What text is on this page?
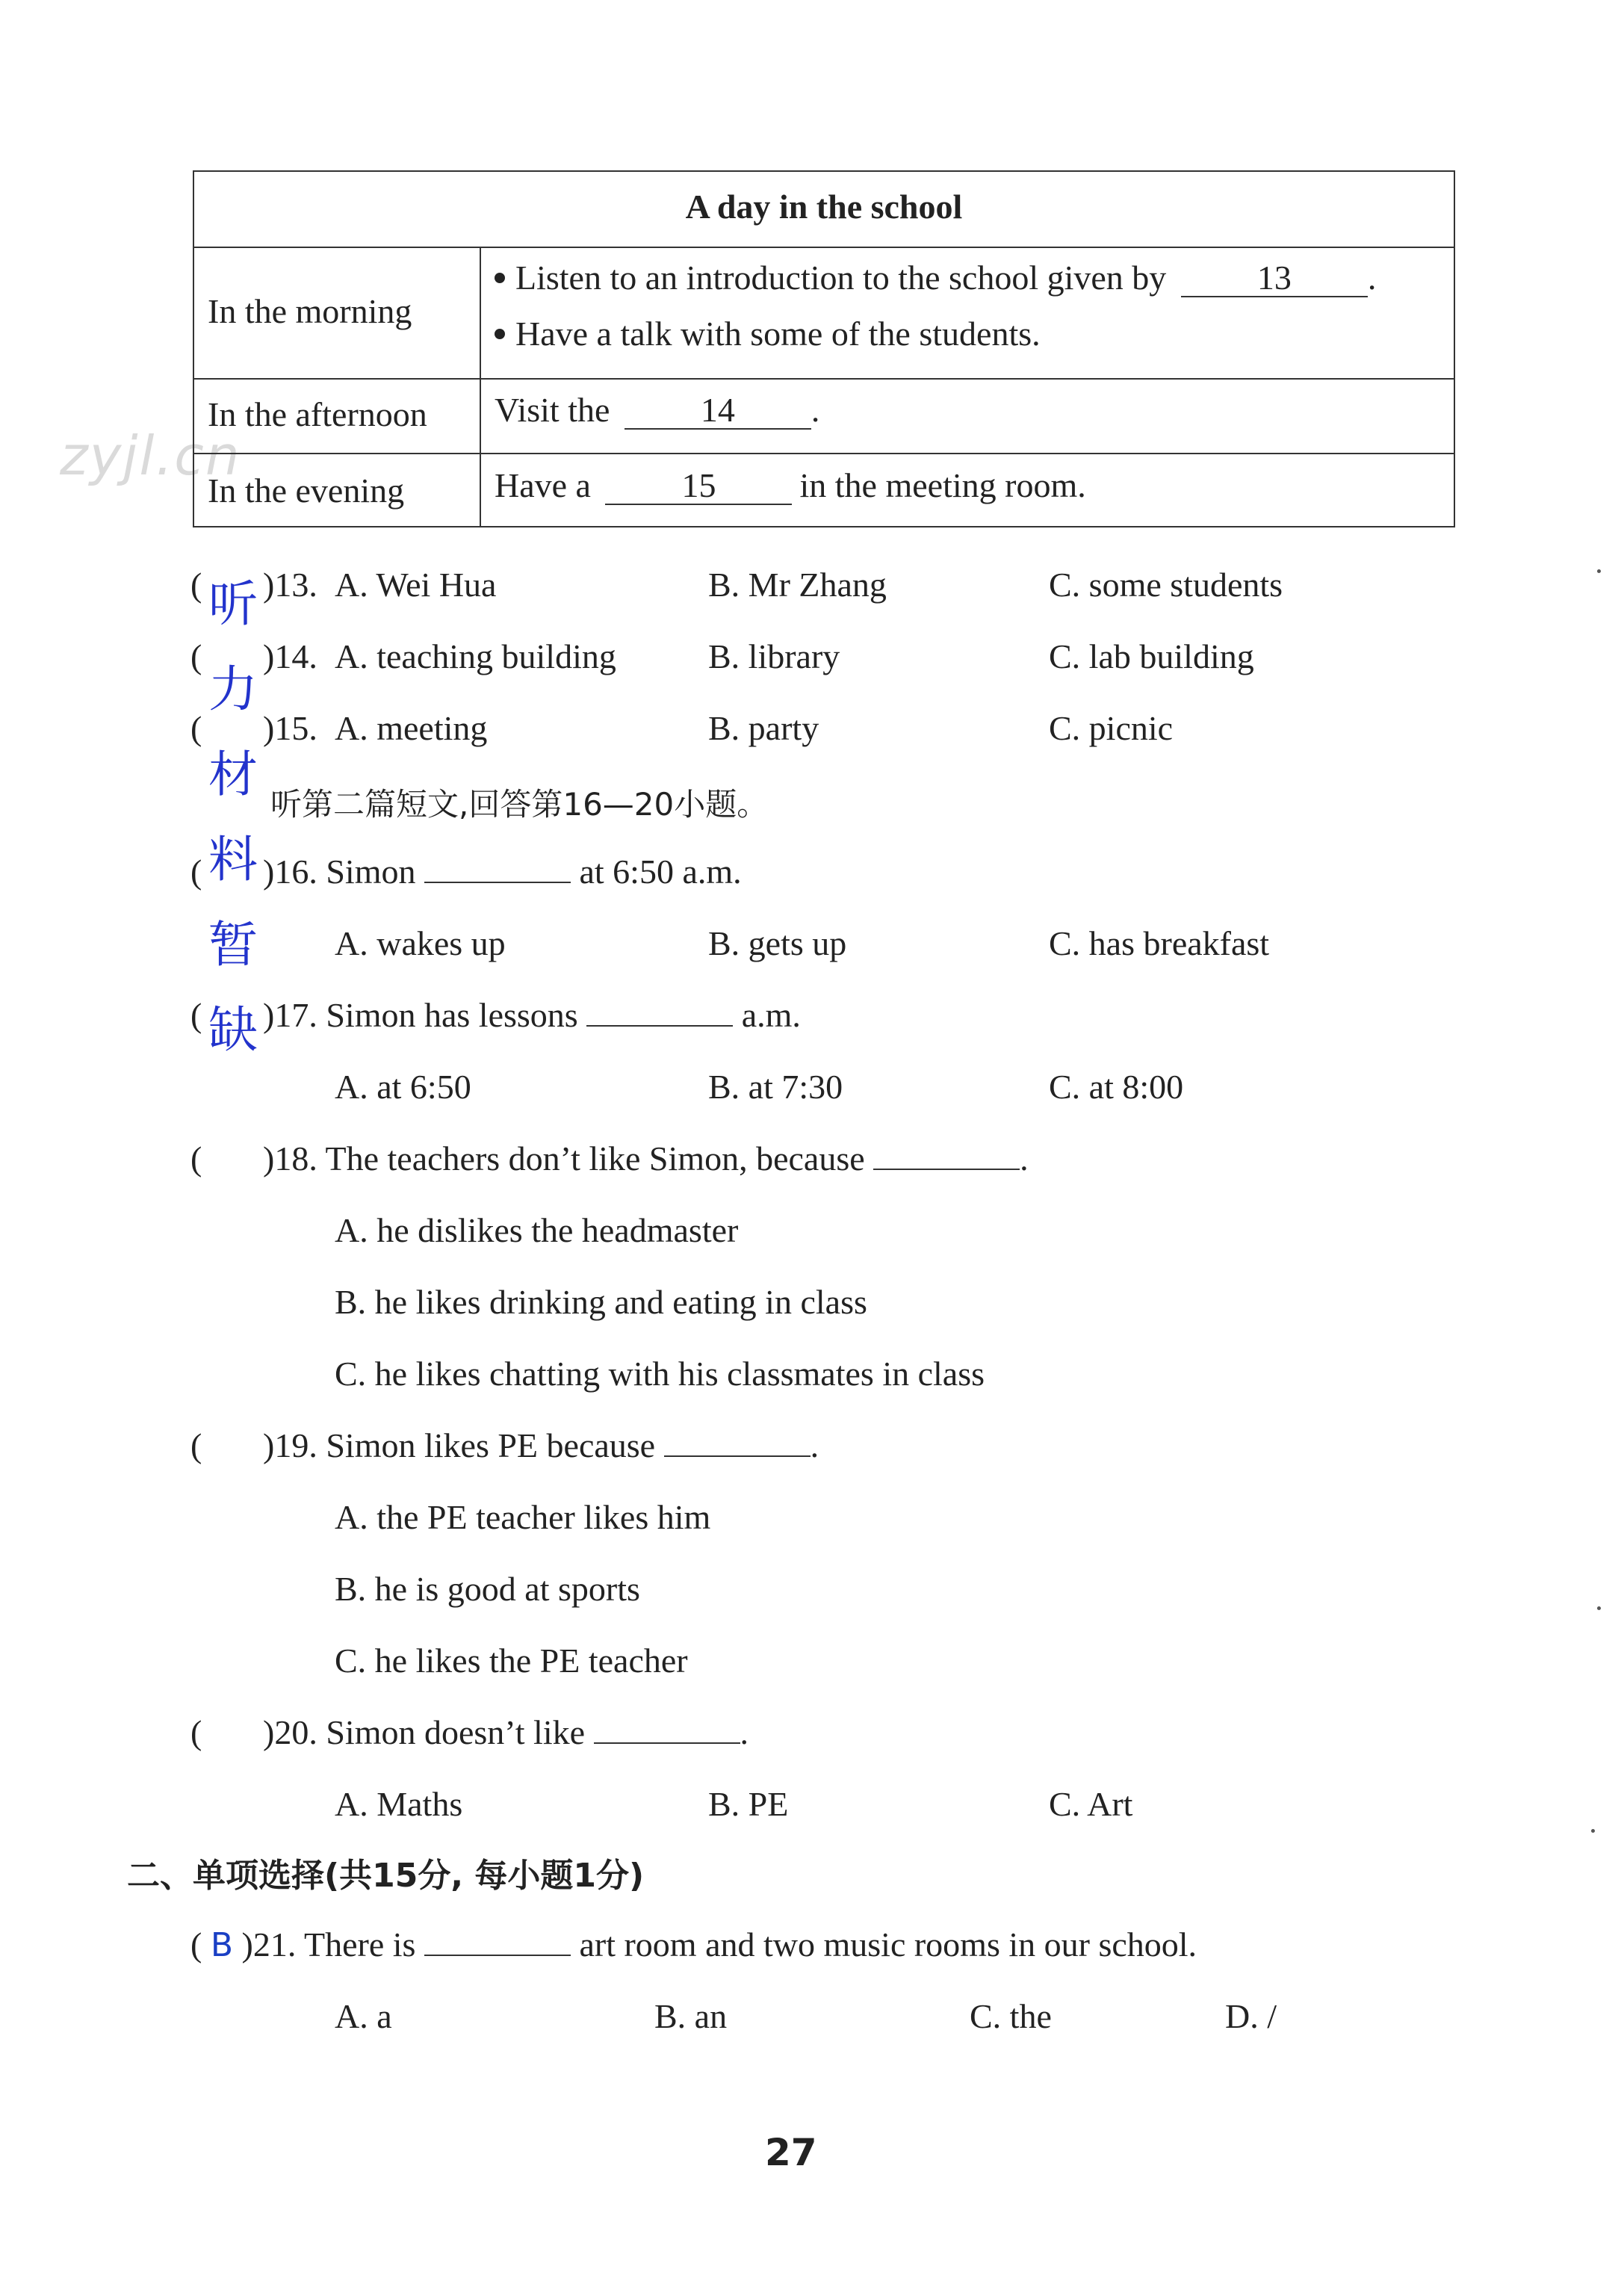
zyjl.cn
A day in the school
In the morning
Listen to an introduction to the school given by	13 .
Have a talk with some of the students.
In the afternoon Visit the	14 .
In the evening	Have a	15 in the meeting room.
听
力
材
料
暂
缺
( )13. A. Wei Hua	B. Mr Zhang	C. some students
( )14. A. teaching building	B. library	C. lab building
( )15. A. meeting	B. party	C. picnic
听第二篇短文,回答第16—20小题。
( )16. Simon	at 6:50 a.m.
A. wakes up	B. gets up	C. has breakfast
( )17. Simon has lessons	a.m.
A. at 6:50	B. at 7:30	C. at 8:00
( )18. The teachers don’t like Simon, because	.
A. he dislikes the headmaster
B. he likes drinking and eating in class
C. he likes chatting with his classmates in class
( )19. Simon likes PE because	.
A. the PE teacher likes him
B. he is good at sports
C. he likes the PE teacher
( )20. Simon doesn’t like	.
A. Maths	B. PE	C. Art
二、单项选择(共15分, 每小题1分)
( B )21. There is	art room and two music rooms in our school.
A. a	B. an	C. the	D. /
27
